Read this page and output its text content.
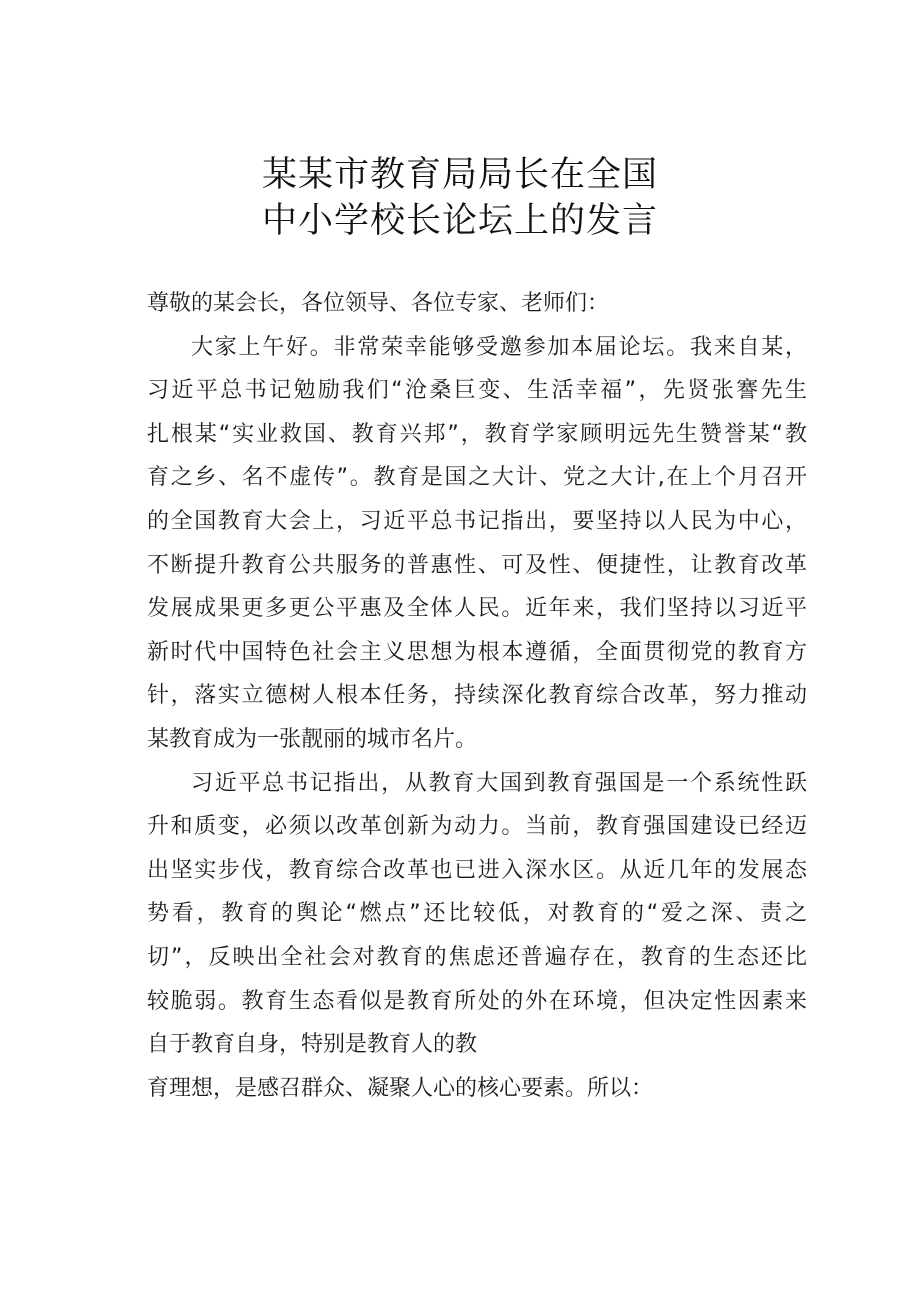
某某市教育局局长在全国
中小学校长论坛上的发言
尊敬的某会长，各位领导、各位专家、老师们：
大家上午好。非常荣幸能够受邀参加本届论坛。我来自某，
习近平总书记勉励我们“沧桑巨变、生活幸福”，先贤张謇先生
扎根某“实业救国、教育兴邦”，教育学家顾明远先生赞誉某“教
育之乡、名不虚传”。教育是国之大计、党之大计,在上个月召开
的全国教育大会上，习近平总书记指出，要坚持以人民为中心，
不断提升教育公共服务的普惠性、可及性、便捷性，让教育改革
发展成果更多更公平惠及全体人民。近年来，我们坚持以习近平
新时代中国特色社会主义思想为根本遵循，全面贯彻党的教育方
针，落实立德树人根本任务，持续深化教育综合改革，努力推动
某教育成为一张靓丽的城市名片。
习近平总书记指出，从教育大国到教育强国是一个系统性跃
升和质变，必须以改革创新为动力。当前，教育强国建设已经迈
出坚实步伐，教育综合改革也已进入深水区。从近几年的发展态
势看，教育的舆论“燃点”还比较低，对教育的“爱之深、责之
切”，反映出全社会对教育的焦虑还普遍存在，教育的生态还比
较脆弱。教育生态看似是教育所处的外在环境，但决定性因素来
自于教育自身，特别是教育人的教
育理想，是感召群众、凝聚人心的核心要素。所以：
